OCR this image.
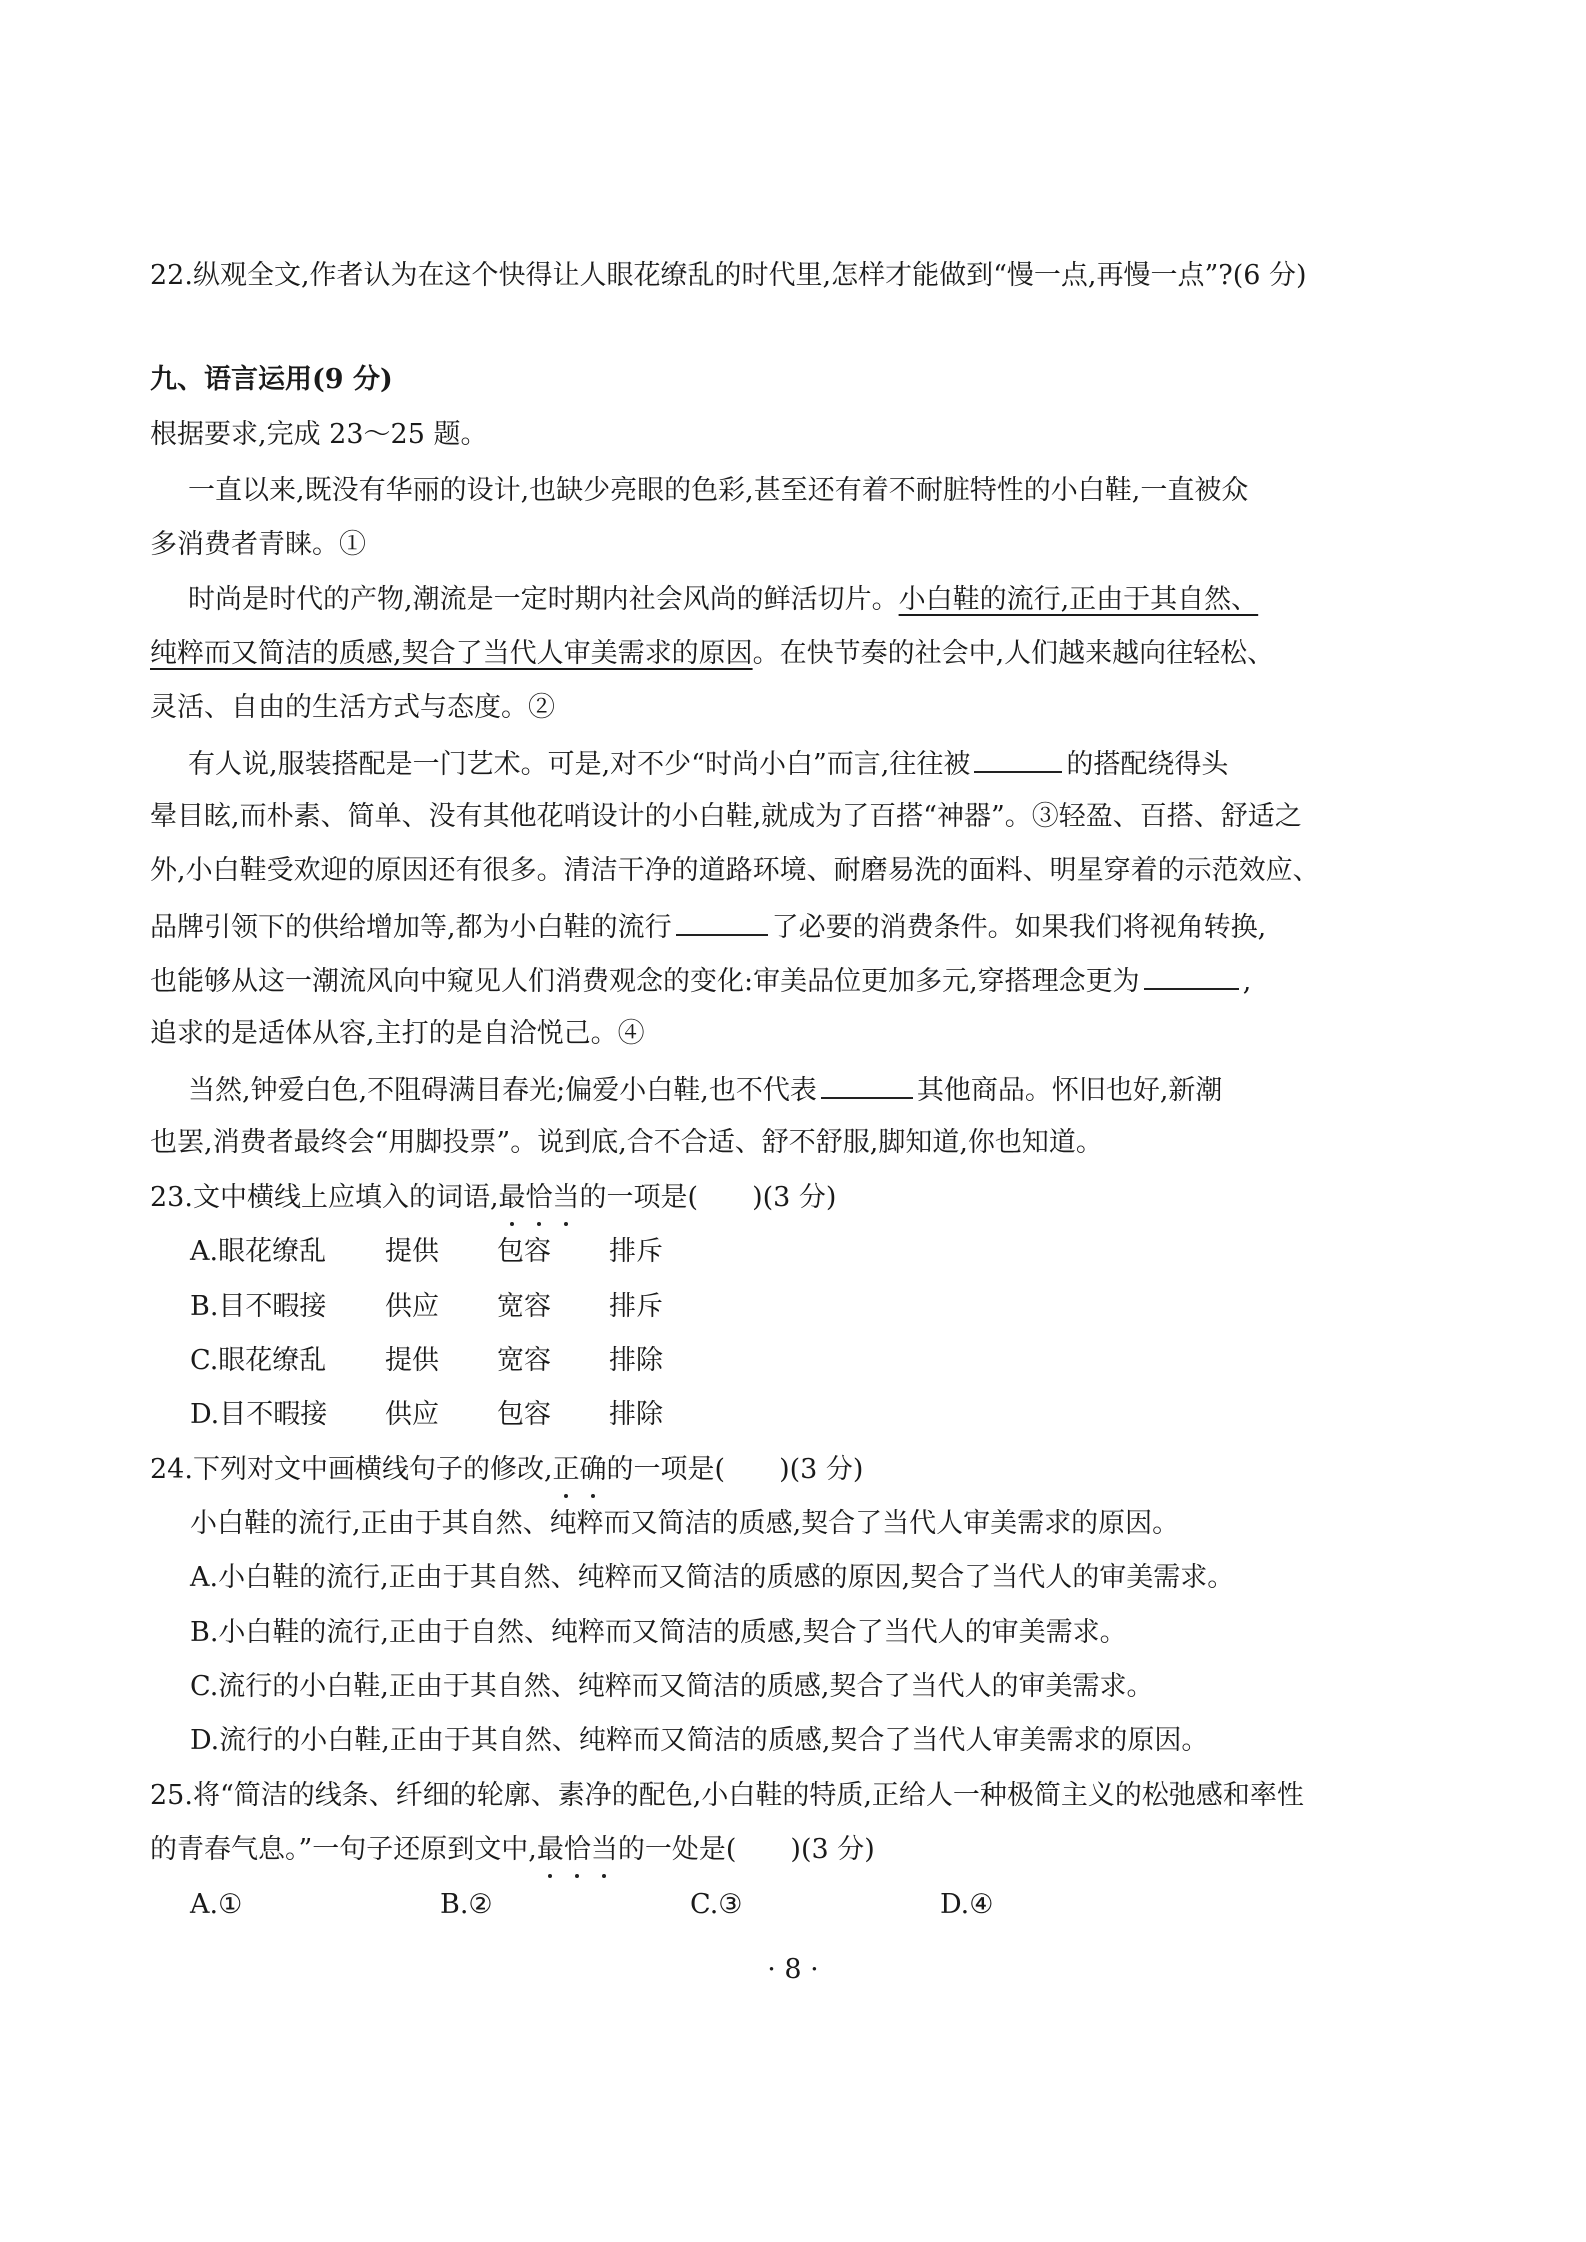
22.纵观全文,作者认为在这个快得让人眼花缭乱的时代里,怎样才能做到“慢一点,再慢一点”?(6 分)

九、语言运用(9 分)

根据要求,完成 23～25 题。

一直以来,既没有华丽的设计,也缺少亮眼的色彩,甚至还有着不耐脏特性的小白鞋,一直被众

多消费者青睐。①

时尚是时代的产物,潮流是一定时期内社会风尚的鲜活切片。小白鞋的流行,正由于其自然、

纯粹而又简洁的质感,契合了当代人审美需求的原因。在快节奏的社会中,人们越来越向往轻松、

灵活、自由的生活方式与态度。②

有人说,服装搭配是一门艺术。可是,对不少“时尚小白”而言,往往被	的搭配绕得头

晕目眩,而朴素、简单、没有其他花哨设计的小白鞋,就成为了百搭“神器”。③轻盈、百搭、舒适之

外,小白鞋受欢迎的原因还有很多。清洁干净的道路环境、耐磨易洗的面料、明星穿着的示范效应、

品牌引领下的供给增加等,都为小白鞋的流行	了必要的消费条件。如果我们将视角转换,

也能够从这一潮流风向中窥见人们消费观念的变化:审美品位更加多元,穿搭理念更为	,

追求的是适体从容,主打的是自洽悦己。④

当然,钟爱白色,不阻碍满目春光;偏爱小白鞋,也不代表	其他商品。怀旧也好,新潮

也罢,消费者最终会“用脚投票”。说到底,合不合适、舒不舒服,脚知道,你也知道。

23.文中横线上应填入的词语,最恰当的一项是(　　)(3 分)

A.眼花缭乱 提供 包容 排斥

B.目不暇接 供应 宽容 排斥

C.眼花缭乱 提供 宽容 排除

D.目不暇接 供应 包容 排除

24.下列对文中画横线句子的修改,正确的一项是(　　)(3 分)

小白鞋的流行,正由于其自然、纯粹而又简洁的质感,契合了当代人审美需求的原因。

A.小白鞋的流行,正由于其自然、纯粹而又简洁的质感的原因,契合了当代人的审美需求。

B.小白鞋的流行,正由于自然、纯粹而又简洁的质感,契合了当代人的审美需求。

C.流行的小白鞋,正由于其自然、纯粹而又简洁的质感,契合了当代人的审美需求。

D.流行的小白鞋,正由于其自然、纯粹而又简洁的质感,契合了当代人审美需求的原因。

25.将“简洁的线条、纤细的轮廓、素净的配色,小白鞋的特质,正给人一种极简主义的松弛感和率性

的青春气息。”一句子还原到文中,最恰当的一处是(　　)(3 分)

A.①	B.②	C.③	D.④

· 8 ·
